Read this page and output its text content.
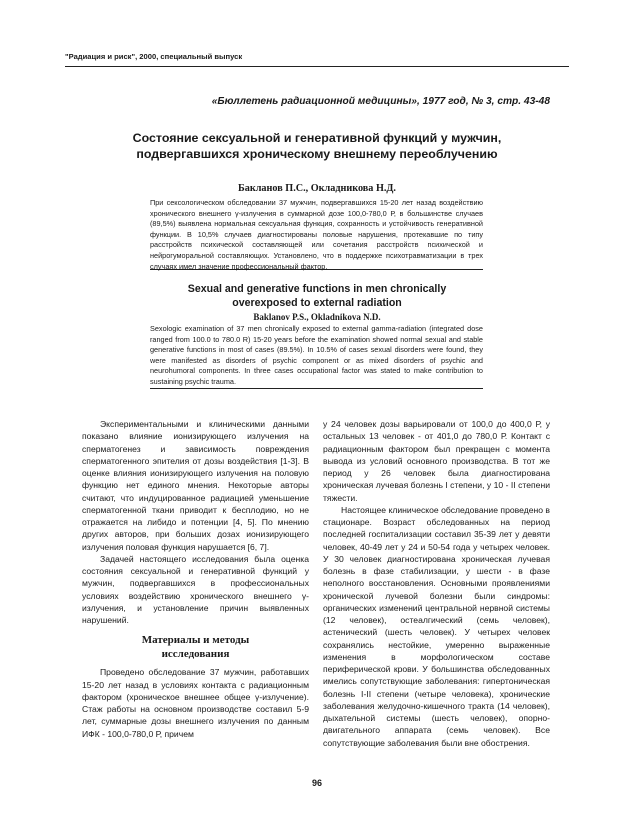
"Радиация и риск", 2000, специальный выпуск
«Бюллетень радиационной медицины», 1977 год, № 3, стр. 43-48
Состояние сексуальной и генеративной функций у мужчин,
подвергавшихся хроническому внешнему переоблучению
Бакланов П.С., Окладникова Н.Д.
При сексологическом обследовании 37 мужчин, подвергавшихся 15-20 лет назад воздействию хронического внешнего γ-излучения в суммарной дозе 100,0-780,0 Р, в большинстве случаев (89,5%) выявлена нормальная сексуальная функция, сохранность и устойчивость генеративной функции. В 10,5% случаев диагностированы половые нарушения, протекавшие по типу расстройств психической составляющей или сочетания расстройств психической и нейрогуморальной составляющих. Установлено, что в поддержке психотравматизации в трех случаях имел значение профессиональный фактор.
Sexual and generative functions in men chronically
overexposed to external radiation
Baklanov P.S., Okladnikova N.D.
Sexologic examination of 37 men chronically exposed to external gamma-radiation (integrated dose ranged from 100.0 to 780.0 R) 15-20 years before the examination showed normal sexual and stable generative functions in most of cases (89.5%). In 10.5% of cases sexual disorders were found, they were manifested as disorders of psychic component or as mixed disorders of psychic and neurohumoral components. In three cases occupational factor was stated to make contribution to sustaining psychic trauma.

Экспериментальными и клиническими данными показано влияние ионизирующего излучения на сперматогенез и зависимость повреждения сперматогенного эпителия от дозы воздействия [1-3]. В оценке влияния ионизирующего излучения на половую функцию нет единого мнения. Некоторые авторы считают, что индуцированное радиацией уменьшение сперматогенной ткани приводит к бесплодию, но не отражается на либидо и потенции [4, 5]. По мнению других авторов, при больших дозах ионизирующего излучения половая функция нарушается [6, 7].

Задачей настоящего исследования была оценка состояния сексуальной и генеративной функций у мужчин, подвергавшихся в профессиональных условиях воздействию хронического внешнего γ-излучения, и установление причин выявленных нарушений.

Материалы и методы
исследования

Проведено обследование 37 мужчин, работавших 15-20 лет назад в условиях контакта с радиационным фактором (хроническое внешнее общее γ-излучение). Стаж работы на основном производстве составил 5-9 лет, суммарные дозы внешнего излучения по данным ИФК - 100,0-780,0 Р, причем

у 24 человек дозы варьировали от 100,0 до 400,0 Р, у остальных 13 человек - от 401,0 до 780,0 Р. Контакт с радиационным фактором был прекращен с момента вывода из условий основного производства. В тот же период у 26 человек была диагностирована хроническая лучевая болезнь I степени, у 10 - II степени тяжести.

Настоящее клиническое обследование проведено в стационаре. Возраст обследованных на период последней госпитализации составил 35-39 лет у девяти человек, 40-49 лет у 24 и 50-54 года у четырех человек. У 30 человек диагностирована хроническая лучевая болезнь в фазе стабилизации, у шести - в фазе неполного восстановления. Основными проявлениями хронической лучевой болезни были синдромы: органических изменений центральной нервной системы (12 человек), остеалгический (семь человек), астенический (шесть человек). У четырех человек сохранялись нестойкие, умеренно выраженные изменения в морфологическом составе периферической крови. У большинства обследованных имелись сопутствующие заболевания: гипертоническая болезнь I-II степени (четыре человека), хронические заболевания желудочно-кишечного тракта (14 человек), дыхательной системы (шесть человек), опорно-двигательного аппарата (семь человек). Все сопутствующие заболевания были вне обострения.

96
